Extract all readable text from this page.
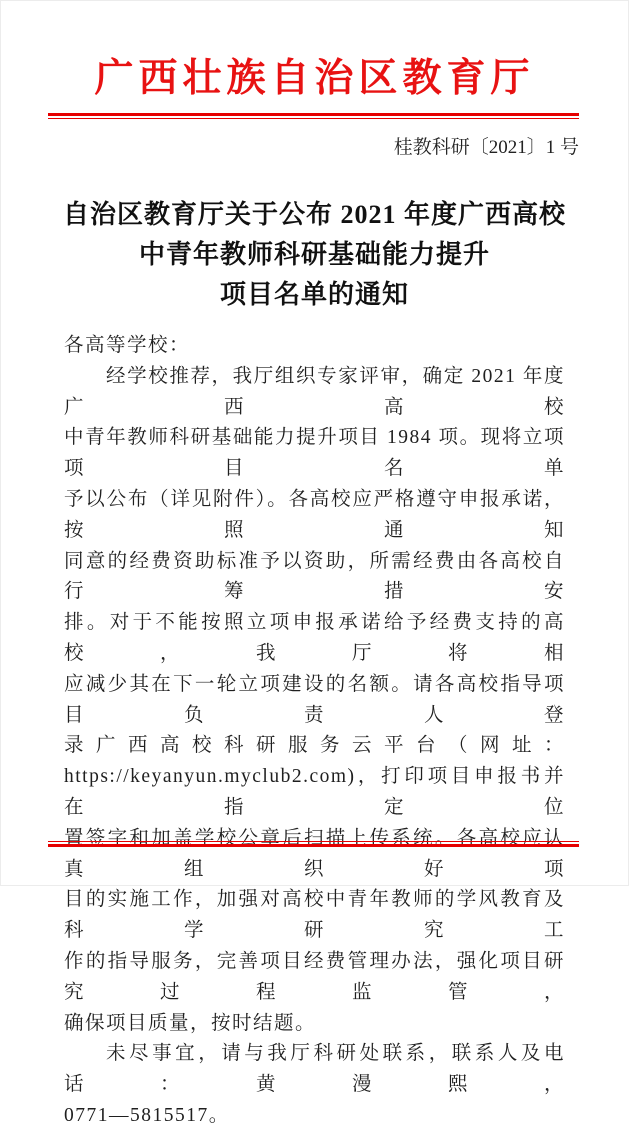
广西壮族自治区教育厅
桂教科研〔2021〕1 号
自治区教育厅关于公布 2021 年度广西高校
中青年教师科研基础能力提升
项目名单的通知
各高等学校：
经学校推荐，我厅组织专家评审，确定 2021 年度广西高校
中青年教师科研基础能力提升项目 1984 项。现将立项项目名单
予以公布（详见附件）。各高校应严格遵守申报承诺，按照通知
同意的经费资助标准予以资助，所需经费由各高校自行筹措安
排。对于不能按照立项申报承诺给予经费支持的高校，我厅将相
应减少其在下一轮立项建设的名额。请各高校指导项目负责人登
录广西高校科研服务云平台（网址：
https://keyanyun.myclub2.com)，打印项目申报书并在指定位
置签字和加盖学校公章后扫描上传系统。各高校应认真组织好项
目的实施工作，加强对高校中青年教师的学风教育及科学研究工
作的指导服务，完善项目经费管理办法，强化项目研究过程监管，
确保项目质量，按时结题。
未尽事宜，请与我厅科研处联系，联系人及电话：黄漫熙，
0771—5815517。
